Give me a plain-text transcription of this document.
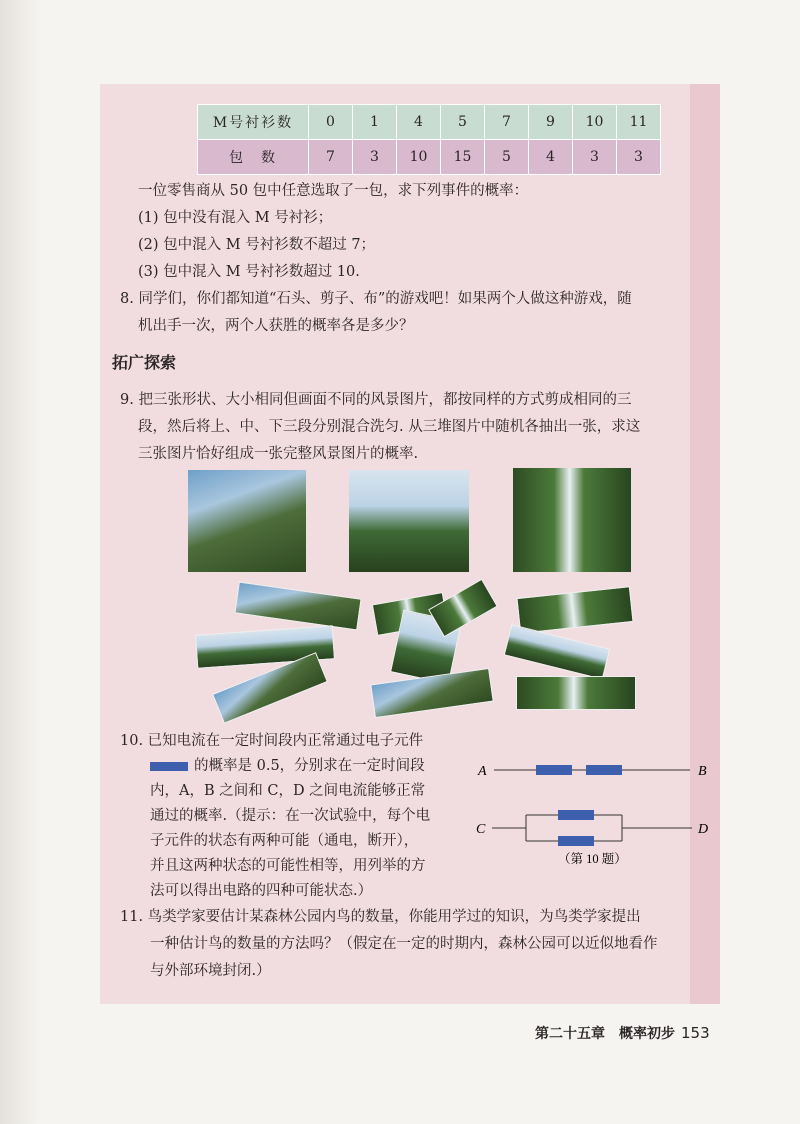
M号衬衫数	0	1	4	5	7	9	10	11
包　数	7	3	10	15	5	4	3	3
一位零售商从 50 包中任意选取了一包，求下列事件的概率：
(1) 包中没有混入 M 号衬衫；
(2) 包中混入 M 号衬衫数不超过 7；
(3) 包中混入 M 号衬衫数超过 10.
8. 同学们，你们都知道“石头、剪子、布”的游戏吧！如果两个人做这种游戏，随
机出手一次，两个人获胜的概率各是多少？
拓广探索
9. 把三张形状、大小相同但画面不同的风景图片，都按同样的方式剪成相同的三
段，然后将上、中、下三段分别混合洗匀. 从三堆图片中随机各抽出一张，求这
三张图片恰好组成一张完整风景图片的概率.
10. 已知电流在一定时间段内正常通过电子元件
的概率是 0.5，分别求在一定时间段
内，A，B 之间和 C，D 之间电流能够正常
通过的概率.（提示：在一次试验中，每个电
子元件的状态有两种可能（通电，断开），
并且这两种状态的可能性相等，用列举的方
法可以得出电路的四种可能状态.）
A	B
C	D
（第 10 题）
11. 鸟类学家要估计某森林公园内鸟的数量，你能用学过的知识，为鸟类学家提出
一种估计鸟的数量的方法吗？（假定在一定的时期内，森林公园可以近似地看作
与外部环境封闭.）
第二十五章　概率初步 153
